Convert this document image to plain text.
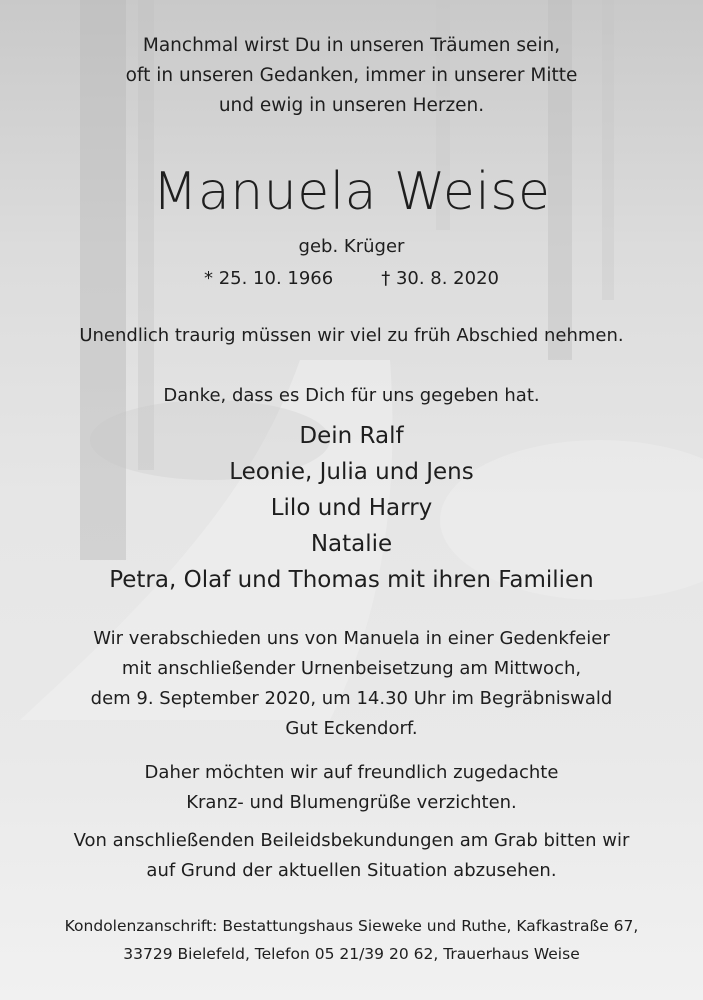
Manchmal wirst Du in unseren Träumen sein,
oft in unseren Gedanken, immer in unserer Mitte
und ewig in unseren Herzen.
Manuela Weise
geb. Krüger
* 25. 10. 1966	† 30. 8. 2020
Unendlich traurig müssen wir viel zu früh Abschied nehmen.
Danke, dass es Dich für uns gegeben hat.
Dein Ralf
Leonie, Julia und Jens
Lilo und Harry
Natalie
Petra, Olaf und Thomas mit ihren Familien
Wir verabschieden uns von Manuela in einer Gedenkfeier
mit anschließender Urnenbeisetzung am Mittwoch,
dem 9. September 2020, um 14.30 Uhr im Begräbniswald
Gut Eckendorf.
Daher möchten wir auf freundlich zugedachte
Kranz- und Blumengrüße verzichten.
Von anschließenden Beileidsbekundungen am Grab bitten wir
auf Grund der aktuellen Situation abzusehen.
Kondolenzanschrift: Bestattungshaus Sieweke und Ruthe, Kafkastraße 67,
33729 Bielefeld, Telefon 05 21/39 20 62, Trauerhaus Weise
